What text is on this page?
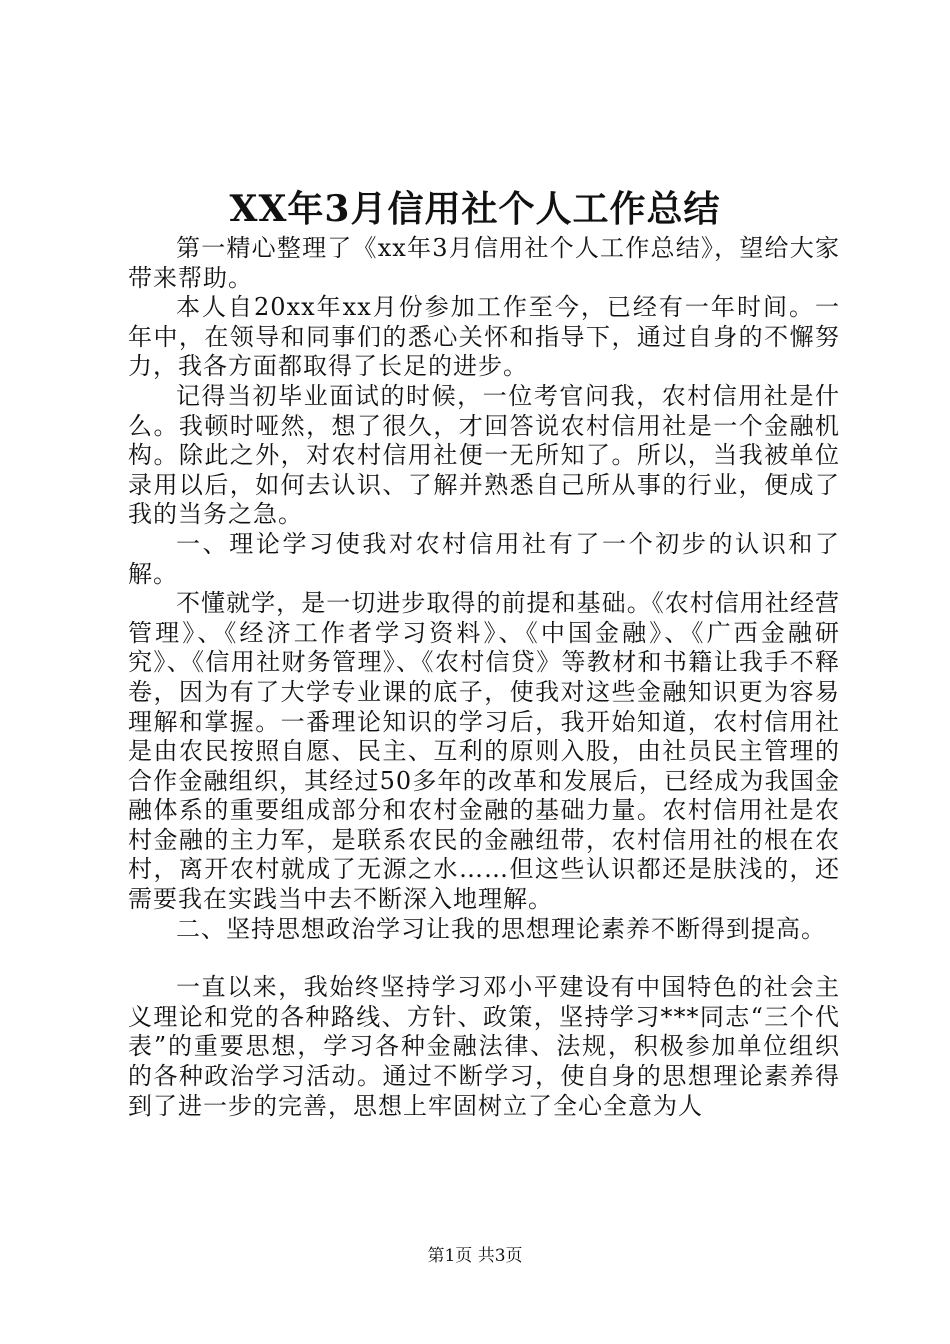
XX年3月信用社个人工作总结

第一精心整理了《xx年3月信用社个人工作总结》，望给大家带来帮助。

本人自20xx年xx月份参加工作至今，已经有一年时间。一年中，在领导和同事们的悉心关怀和指导下，通过自身的不懈努力，我各方面都取得了长足的进步。

记得当初毕业面试的时候，一位考官问我，农村信用社是什么。我顿时哑然，想了很久，才回答说农村信用社是一个金融机构。除此之外，对农村信用社便一无所知了。所以，当我被单位录用以后，如何去认识、了解并熟悉自己所从事的行业，便成了我的当务之急。

一、理论学习使我对农村信用社有了一个初步的认识和了解。

不懂就学，是一切进步取得的前提和基础。《农村信用社经营管理》、《经济工作者学习资料》、《中国金融》、《广西金融研究》、《信用社财务管理》、《农村信贷》等教材和书籍让我手不释卷，因为有了大学专业课的底子，使我对这些金融知识更为容易理解和掌握。一番理论知识的学习后，我开始知道，农村信用社是由农民按照自愿、民主、互利的原则入股，由社员民主管理的合作金融组织，其经过50多年的改革和发展后，已经成为我国金融体系的重要组成部分和农村金融的基础力量。农村信用社是农村金融的主力军，是联系农民的金融纽带，农村信用社的根在农村，离开农村就成了无源之水……但这些认识都还是肤浅的，还需要我在实践当中去不断深入地理解。

二、坚持思想政治学习让我的思想理论素养不断得到提高。

一直以来，我始终坚持学习邓小平建设有中国特色的社会主义理论和党的各种路线、方针、政策，坚持学习***同志“三个代表”的重要思想，学习各种金融法律、法规，积极参加单位组织的各种政治学习活动。通过不断学习，使自身的思想理论素养得到了进一步的完善，思想上牢固树立了全心全意为人

第1页 共3页
